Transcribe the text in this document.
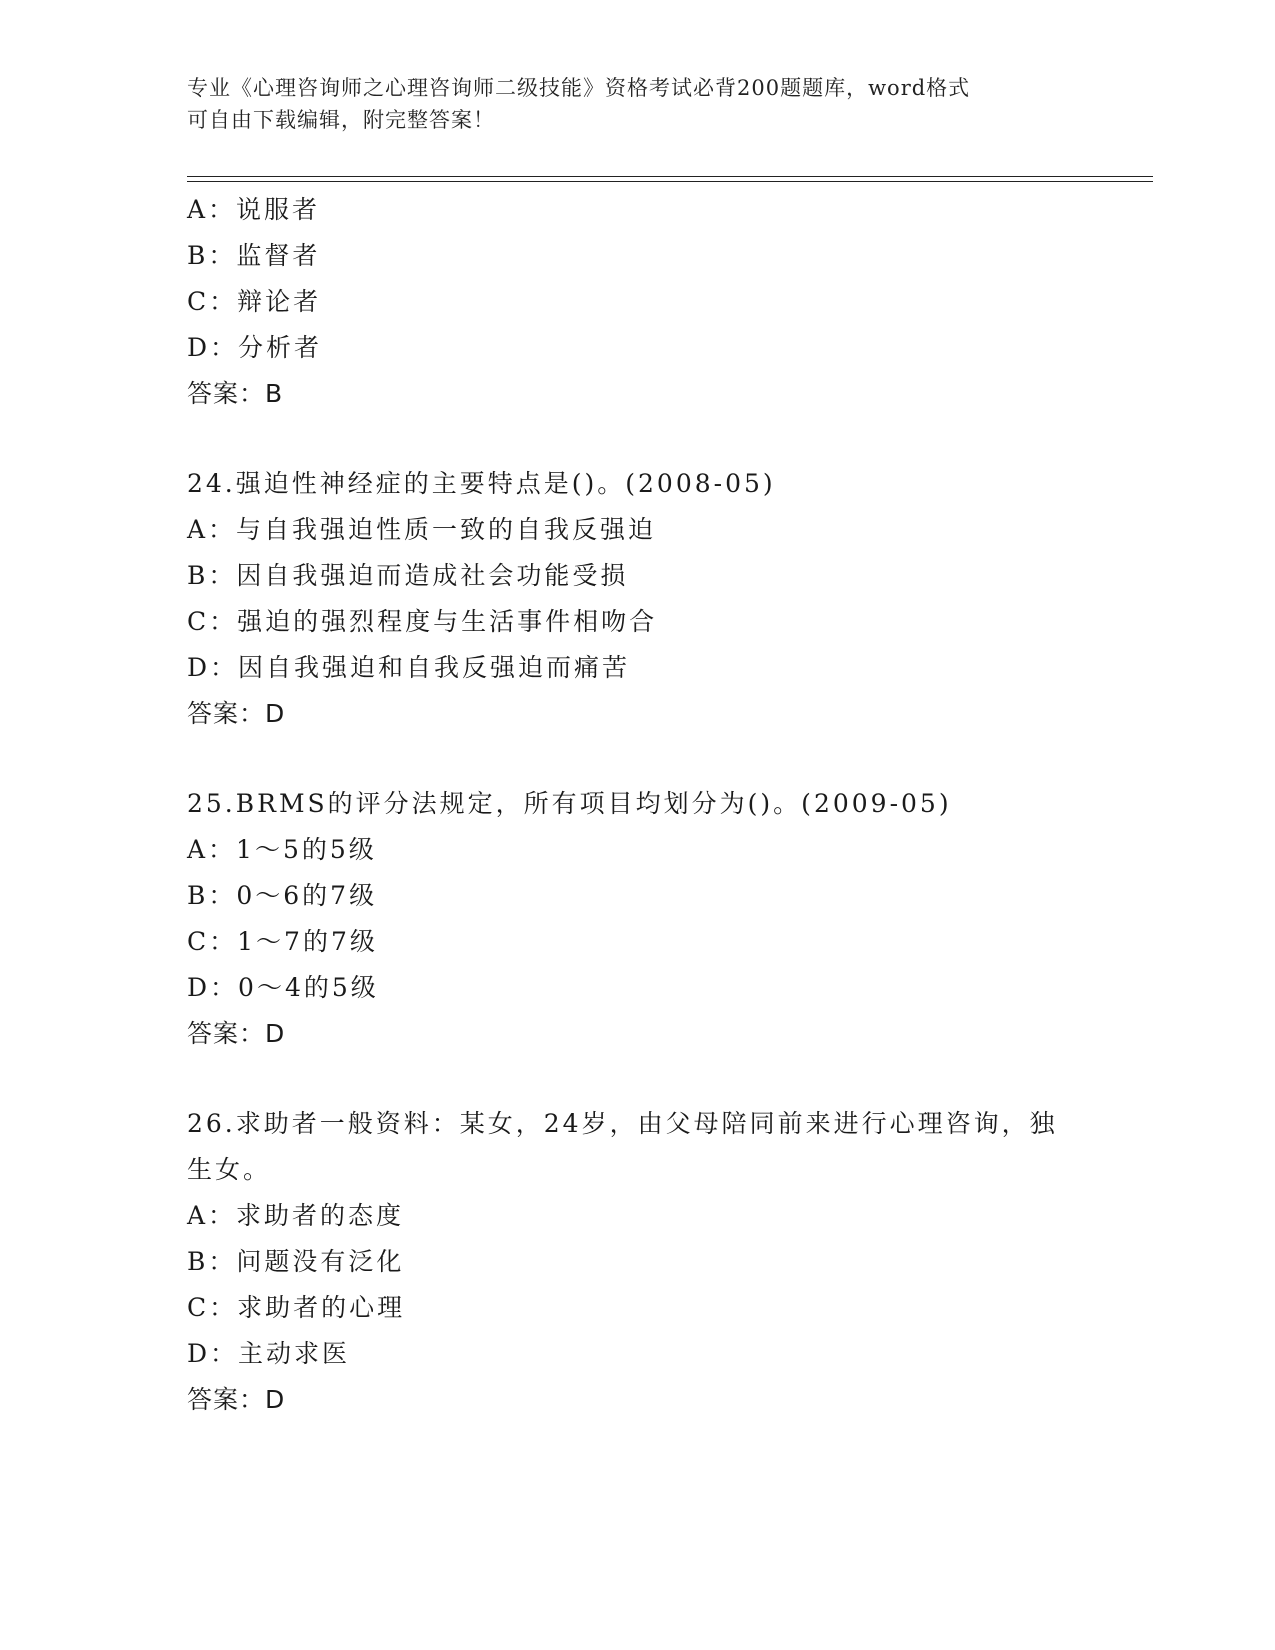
专业《心理咨询师之心理咨询师二级技能》资格考试必背200题题库，word格式
可自由下载编辑，附完整答案！
A：说服者
B：监督者
C：辩论者
D：分析者
答案：B
24.强迫性神经症的主要特点是()。(2008-05)
A：与自我强迫性质一致的自我反强迫
B：因自我强迫而造成社会功能受损
C：强迫的强烈程度与生活事件相吻合
D：因自我强迫和自我反强迫而痛苦
答案：D
25.BRMS的评分法规定，所有项目均划分为()。(2009-05)
A：1～5的5级
B：0～6的7级
C：1～7的7级
D：0～4的5级
答案：D
26.求助者一般资料：某女，24岁，由父母陪同前来进行心理咨询，独
生女。
A：求助者的态度
B：问题没有泛化
C：求助者的心理
D：主动求医
答案：D
